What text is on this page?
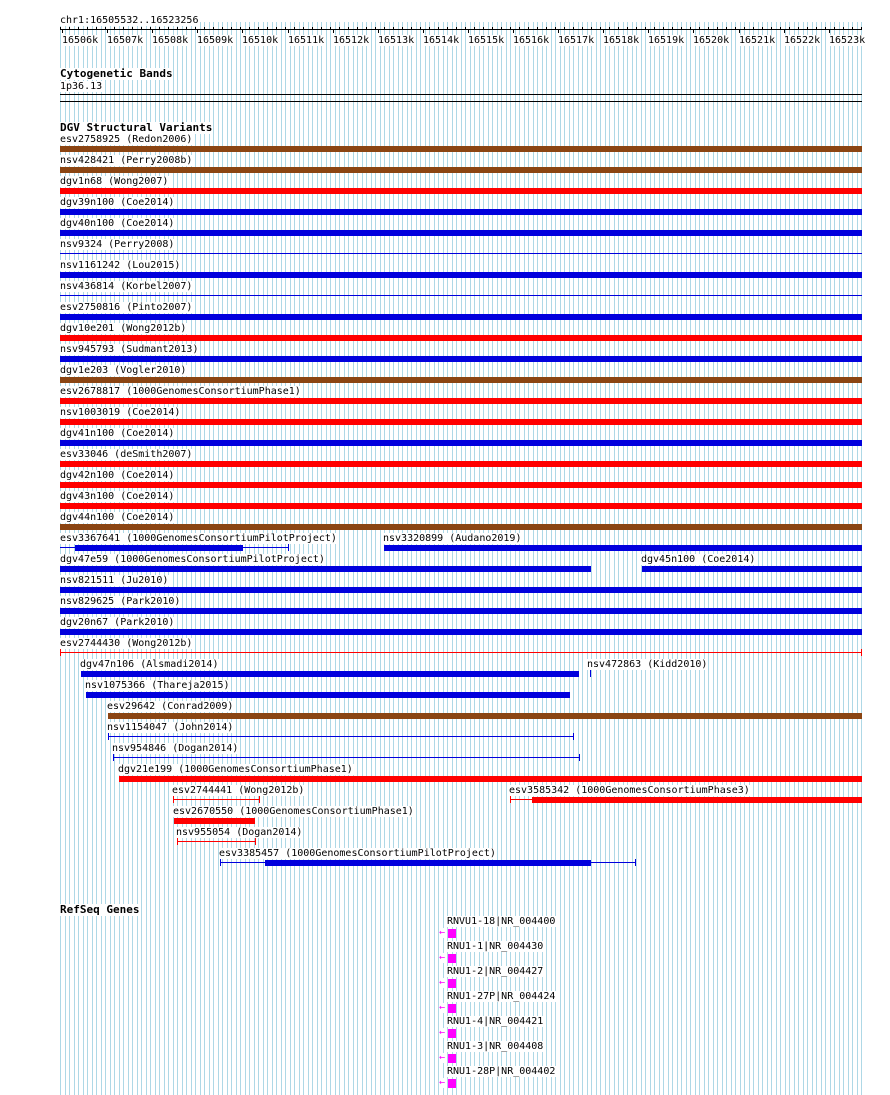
chr1:16505532..16523256
16506k 16507k 16508k 16509k 16510k 16511k 16512k 16513k 16514k 16515k 16516k 16517k 16518k 16519k 16520k 16521k 16522k 16523k
Cytogenetic Bands
1p36.13
DGV Structural Variants
esv2758925 (Redon2006)
nsv428421 (Perry2008b)
dgv1n68 (Wong2007)
dgv39n100 (Coe2014)
dgv40n100 (Coe2014)
nsv9324 (Perry2008)
nsv1161242 (Lou2015)
nsv436814 (Korbel2007)
esv2750816 (Pinto2007)
dgv10e201 (Wong2012b)
nsv945793 (Sudmant2013)
dgv1e203 (Vogler2010)
esv2678817 (1000GenomesConsortiumPhase1)
nsv1003019 (Coe2014)
dgv41n100 (Coe2014)
esv33046 (deSmith2007)
dgv42n100 (Coe2014)
dgv43n100 (Coe2014)
dgv44n100 (Coe2014)
esv3367641 (1000GenomesConsortiumPilotProject)	nsv3320899 (Audano2019)
dgv47e59 (1000GenomesConsortiumPilotProject)	dgv45n100 (Coe2014)
nsv821511 (Ju2010)
nsv829625 (Park2010)
dgv20n67 (Park2010)
esv2744430 (Wong2012b)
dgv47n106 (Alsmadi2014)	nsv472863 (Kidd2010)
nsv1075366 (Thareja2015)
esv29642 (Conrad2009)
nsv1154047 (John2014)
nsv954846 (Dogan2014)
dgv21e199 (1000GenomesConsortiumPhase1)
esv2744441 (Wong2012b)	esv3585342 (1000GenomesConsortiumPhase3)
esv2670550 (1000GenomesConsortiumPhase1)
nsv955054 (Dogan2014)
esv3385457 (1000GenomesConsortiumPilotProject)
RefSeq Genes
RNVU1-18|NR_004400
←
RNU1-1|NR_004430
←
RNU1-2|NR_004427
←
RNU1-27P|NR_004424
←
RNU1-4|NR_004421
←
RNU1-3|NR_004408
←
RNU1-28P|NR_004402
←
